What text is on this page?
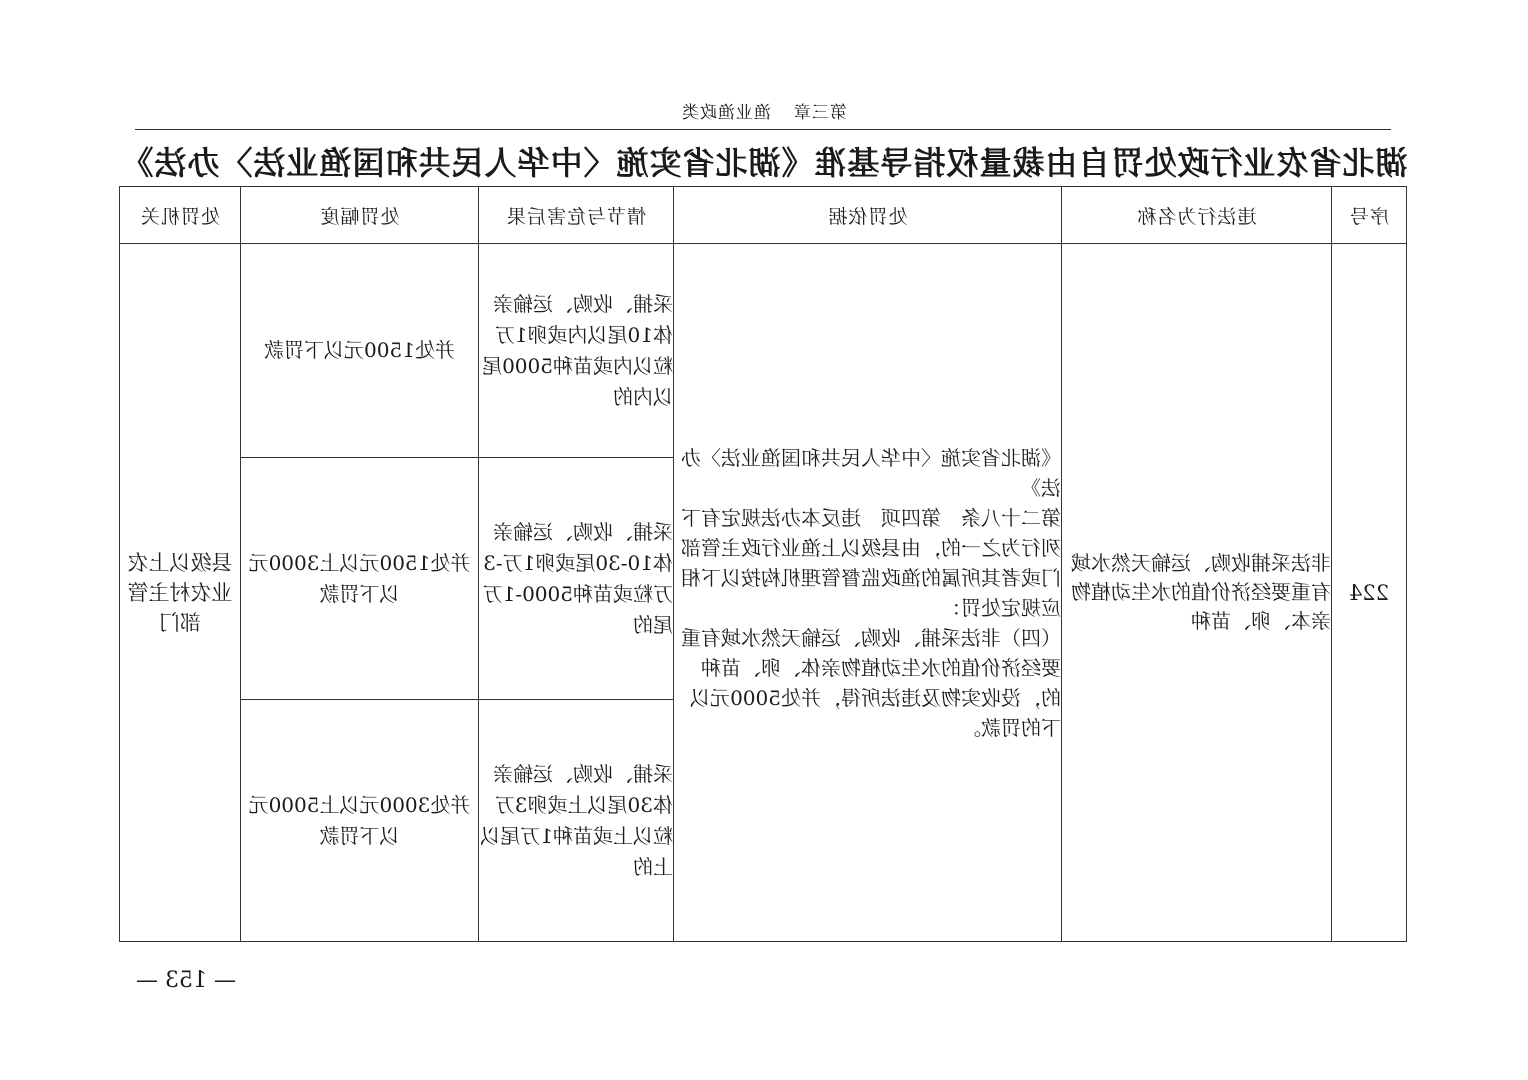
第三章渔业渔政类
湖北省农业行政处罚自由裁量权指导基准《湖北省实施〈中华人民共和国渔业法〉办法》
序号	违法行为名称	处罚依据	情节与危害后果	处罚幅度	处罚机关
224	非法采捕收购、运输天然水域有重要经济价值的水生动植物亲本、卵、苗种	《湖北省实施〈中华人民共和国渔业法〉办法》
第二十八条　第四项　违反本办法规定有下列行为之一的，由县级以上渔业行政主管部门或者其所属的渔政监督管理机构按以下相应规定处罚：
（四）非法采捕、收购、运输天然水域有重要经济价值的水生动植物亲体、卵、苗种的，没收实物及违法所得，并处5000元以下的罚款。	采捕、收购、运输亲体10尾以内或卵1万粒以内或苗种5000尾以内的	并处1500元以下罚款	县级以上农业农村主管部门
			采捕、收购、运输亲体10-30尾或卵1万-3万粒或苗种5000-1万尾的	并处1500元以上3000元以下罚款	
			采捕、收购、运输亲体30尾以上或卵3万粒以上或苗种1万尾以上的	并处3000元以上5000元以下罚款	
— 153 —
